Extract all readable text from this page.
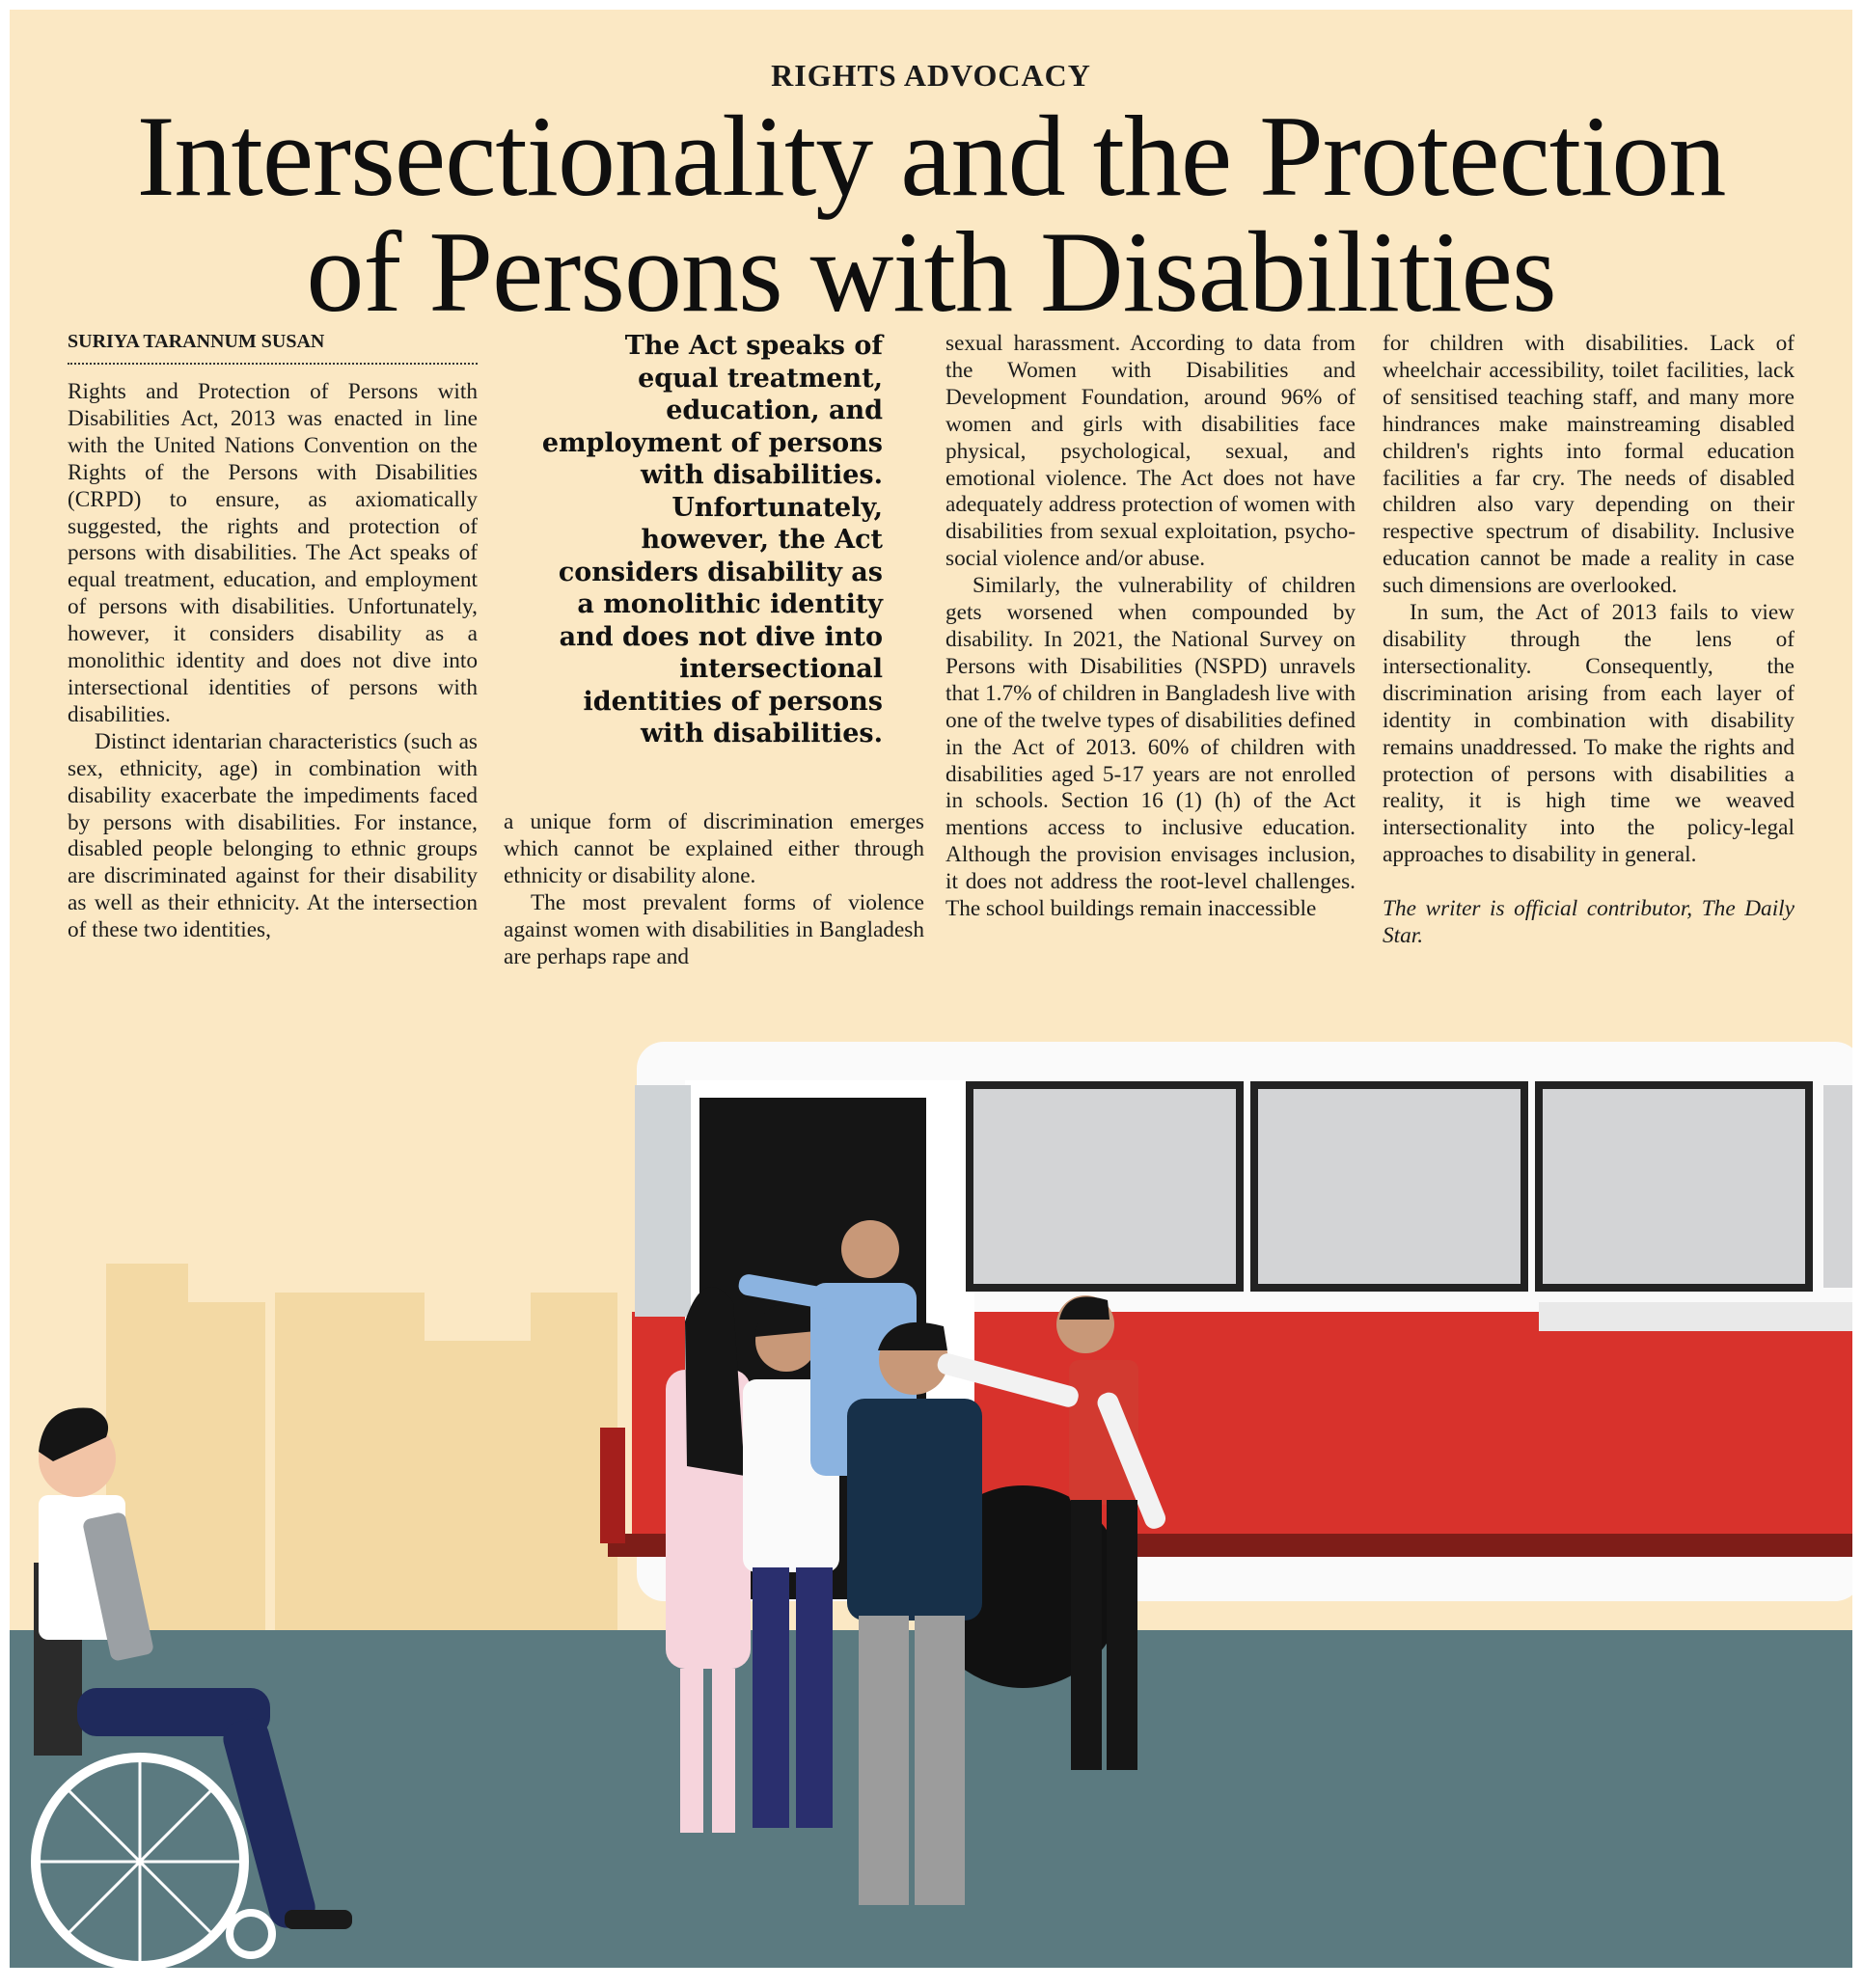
RIGHTS ADVOCACY
Intersectionality and the Protection
of Persons with Disabilities
SURIYA TARANNUM SUSAN

Rights and Protection of Persons with Disabilities Act, 2013 was enacted in line with the United Nations Convention on the Rights of the Persons with Disabilities (CRPD) to ensure, as axiomatically suggested, the rights and protection of persons with disabilities. The Act speaks of equal treatment, education, and employment of persons with disabilities. Unfortunately, however, it considers disability as a monolithic identity and does not dive into intersectional identities of persons with disabilities.

Distinct identarian characteristics (such as sex, ethnicity, age) in combination with disability exacerbate the impediments faced by persons with disabilities. For instance, disabled people belonging to ethnic groups are discriminated against for their disability as well as their ethnicity. At the intersection of these two identities,

The Act speaks of equal treatment, education, and employment of persons with disabilities. Unfortunately, however, the Act considers disability as a monolithic identity and does not dive into intersectional identities of persons with disabilities.

a unique form of discrimination emerges which cannot be explained either through ethnicity or disability alone.

The most prevalent forms of violence against women with disabilities in Bangladesh are perhaps rape and

sexual harassment. According to data from the Women with Disabilities and Development Foundation, around 96% of women and girls with disabilities face physical, psychological, sexual, and emotional violence. The Act does not have adequately address protection of women with disabilities from sexual exploitation, psycho-social violence and/or abuse.

Similarly, the vulnerability of children gets worsened when compounded by disability. In 2021, the National Survey on Persons with Disabilities (NSPD) unravels that 1.7% of children in Bangladesh live with one of the twelve types of disabilities defined in the Act of 2013. 60% of children with disabilities aged 5-17 years are not enrolled in schools. Section 16 (1) (h) of the Act mentions access to inclusive education. Although the provision envisages inclusion, it does not address the root-level challenges. The school buildings remain inaccessible

for children with disabilities. Lack of wheelchair accessibility, toilet facilities, lack of sensitised teaching staff, and many more hindrances make mainstreaming disabled children's rights into formal education facilities a far cry. The needs of disabled children also vary depending on their respective spectrum of disability. Inclusive education cannot be made a reality in case such dimensions are overlooked.

In sum, the Act of 2013 fails to view disability through the lens of intersectionality. Consequently, the discrimination arising from each layer of identity in combination with disability remains unaddressed. To make the rights and protection of persons with disabilities a reality, it is high time we weaved intersectionality into the policy-legal approaches to disability in general.

The writer is official contributor, The Daily Star.
